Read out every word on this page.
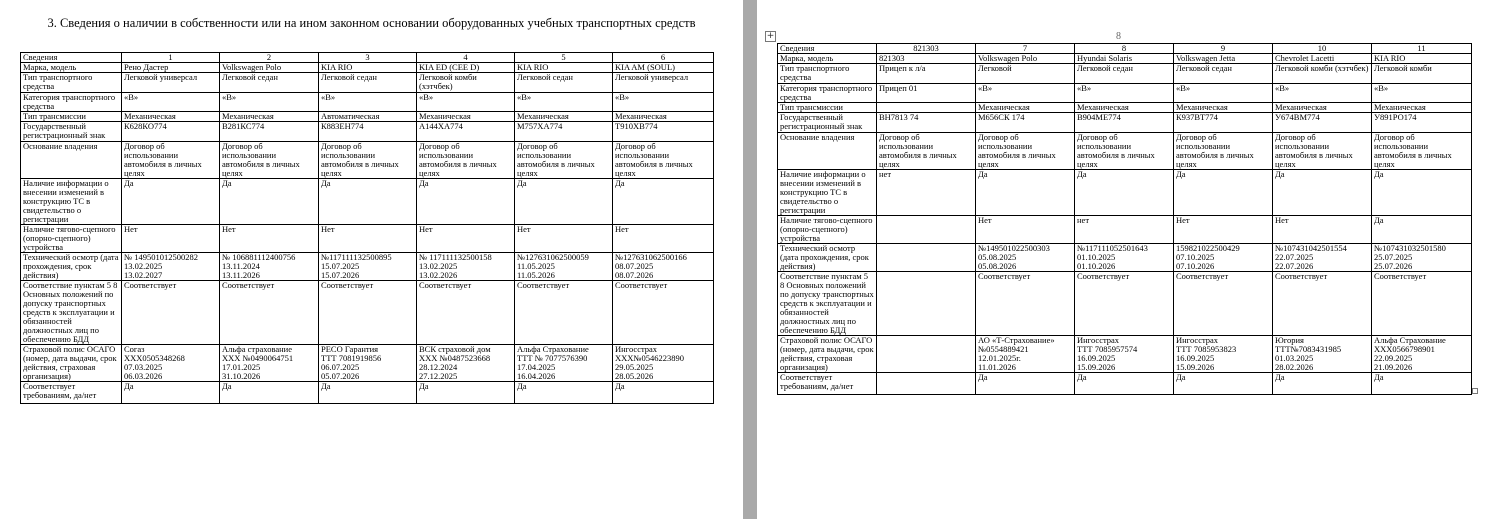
3. Сведения о наличии в собственности или на ином законном основании оборудованных учебных транспортных средств
Сведения	1	2	3	4	5	6
Марка, модель	Рено Дастер	Volkswagen Polo	KIA RIO	KIA ED (CEE D)	KIA RIO	KIA AM (SOUL)
Тип транспортного средства	Легковой универсал	Легковой седан	Легковой седан	Легковой комби (хэтчбек)	Легковой седан	Легковой универсал
Категория транспортного средства	«В»	«В»	«В»	«В»	«В»	«В»
Тип трансмиссии	Механическая	Механическая	Автоматическая	Механическая	Механическая	Механическая
Государственный регистрационный знак	К628КО774	В281КС774	К883ЕН774	А144ХА774	М757ХА774	Т910ХВ774
Основание владения	Договор об использовании автомобиля в личных целях	Договор об использовании автомобиля в личных целях	Договор об использовании автомобиля в личных целях	Договор об использовании автомобиля в личных целях	Договор об использовании автомобиля в личных целях	Договор об использовании автомобиля в личных целях
Наличие информации о внесении изменений в конструкцию ТС в свидетельство о регистрации	Да	Да	Да	Да	Да	Да
Наличие тягово-сцепного (опорно-сцепного) устройства	Нет	Нет	Нет	Нет	Нет	Нет
Технический осмотр (дата прохождения, срок действия)	№ 149501012500282
13.02.2025
13.02.2027	№ 106881112400756
13.11.2024
13.11.2026	№117111132500895
15.07.2025
15.07.2026	№ 117111132500158
13.02.2025
13.02.2026	№127631062500059
11.05.2025
11.05.2026	№127631062500166
08.07.2025
08.07.2026
Соответствие пунктам 5 8 Основных положений по допуску транспортных средств к эксплуатации и обязанностей должностных лиц по обеспечению БДД	Соответствует	Соответствует	Соответствует	Соответствует	Соответствует	Соответствует
Страховой полис ОСАГО (номер, дата выдачи, срок действия, страховая организация)	Согаз
ХХХ0505348268
07.03.2025
06.03.2026	Альфа страхование
ХХХ №0490064751
17.01.2025
31.10.2026	РЕСО Гарантия
ТТТ 7081919856
06.07.2025
05.07.2026	ВСК страховой дом
ХХХ №0487523668
28.12.2024
27.12.2025	Альфа Страхование
ТТТ № 7077576390
17.04.2025
16.04.2026	Ингосстрах
ХХХ№0546223890
29.05.2025
28.05.2026
Соответствует требованиям, да/нет	Да	Да	Да	Да	Да	Да
+	8
Сведения	821303	7	8	9	10	11
Марка, модель	821303	Volkswagen Polo	Hyundai Solaris	Volkswagen Jetta	Chevrolet Lacetti	KIA RIO
Тип транспортного средства	Прицеп к л/а	Легковой	Легковой седан	Легковой седан	Легковой комби (хэтчбек)	Легковой комби
Категория транспортного средства	Прицеп 01	«В»	«В»	«В»	«В»	«В»
Тип трансмиссии		Механическая	Механическая	Механическая	Механическая	Механическая
Государственный регистрационный знак	ВН7813 74	М656СК 174	В904МЕ774	К937ВТ774	У674ВМ774	У891РО174
Основание владения	Договор об использовании автомобиля в личных целях	Договор об использовании автомобиля в личных целях	Договор об использовании автомобиля в личных целях	Договор об использовании автомобиля в личных целях	Договор об использовании автомобиля в личных целях	Договор об использовании автомобиля в личных целях
Наличие информации о внесении изменений в конструкцию ТС в свидетельство о регистрации	нет	Да	Да	Да	Да	Да
Наличие тягово-сцепного (опорно-сцепного) устройства		Нет	нет	Нет	Нет	Да
Технический осмотр (дата прохождения, срок действия)		№149501022500303
05.08.2025
05.08.2026	№117111052501643
01.10.2025
01.10.2026	159821022500429
07.10.2025
07.10.2026	№107431042501554
22.07.2025
22.07.2026	№107431032501580
25.07.2025
25.07.2026
Соответствие пунктам 5 8 Основных положений по допуску транспортных средств к эксплуатации и обязанностей должностных лиц по обеспечению БДД		Соответствует	Соответствует	Соответствует	Соответствует	Соответствует
Страховой полис ОСАГО (номер, дата выдачи, срок действия, страховая организация)		АО «Т-Страхование»
№0554889421
12.01.2025г.
11.01.2026	Ингосстрах
ТТТ 7085957574
16.09.2025
15.09.2026	Ингосстрах
ТТТ 7085953823
16.09.2025
15.09.2026	Югория
ТТТ№7083431985
01.03.2025
28.02.2026	Альфа Страхование
ХХХ0566798901
22.09.2025
21.09.2026
Соответствует требованиям, да/нет		Да	Да	Да	Да	Да
